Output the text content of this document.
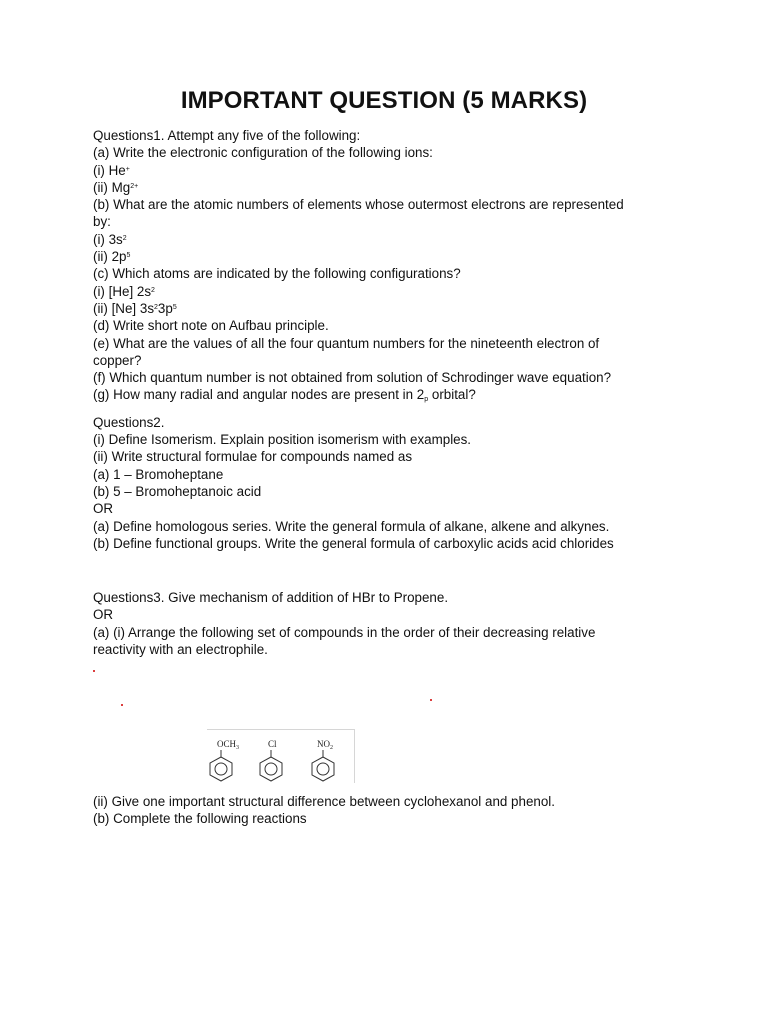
IMPORTANT QUESTION (5 MARKS)
Questions1. Attempt any five of the following:
(a) Write the electronic configuration of the following ions:
(i) He+
(ii) $Mg^{2+}$
(b) What are the atomic numbers of elements whose outermost electrons are represented
by:
(i) $3s^2$
(ii) $2p^5$
(c) Which atoms are indicated by the following configurations?
(i) [He] $2s^2$
(ii) [Ne] $3s^23p^5$
(d) Write short note on Aufbau principle.
(e) What are the values of all the four quantum numbers for the nineteenth electron of
copper?
(f) Which quantum number is not obtained from solution of Schrodinger wave equation?
(g) How many radial and angular nodes are present in $2_p$ orbital?
Questions2.
(i) Define Isomerism. Explain position isomerism with examples.
(ii) Write structural formulae for compounds named as
(a) 1 – Bromoheptane
(b) 5 – Bromoheptanoic acid
OR
(a) Define homologous series. Write the general formula of alkane, alkene and alkynes.
(b) Define functional groups. Write the general formula of carboxylic acids acid chlorides
Questions3. Give mechanism of addition of HBr to Propene.
OR
(a) (i) Arrange the following set of compounds in the order of their decreasing relative
reactivity with an electrophile.
$OCH_3$	Cl	$NO_2$
(ii) Give one important structural difference between cyclohexanol and phenol.
(b) Complete the following reactions
